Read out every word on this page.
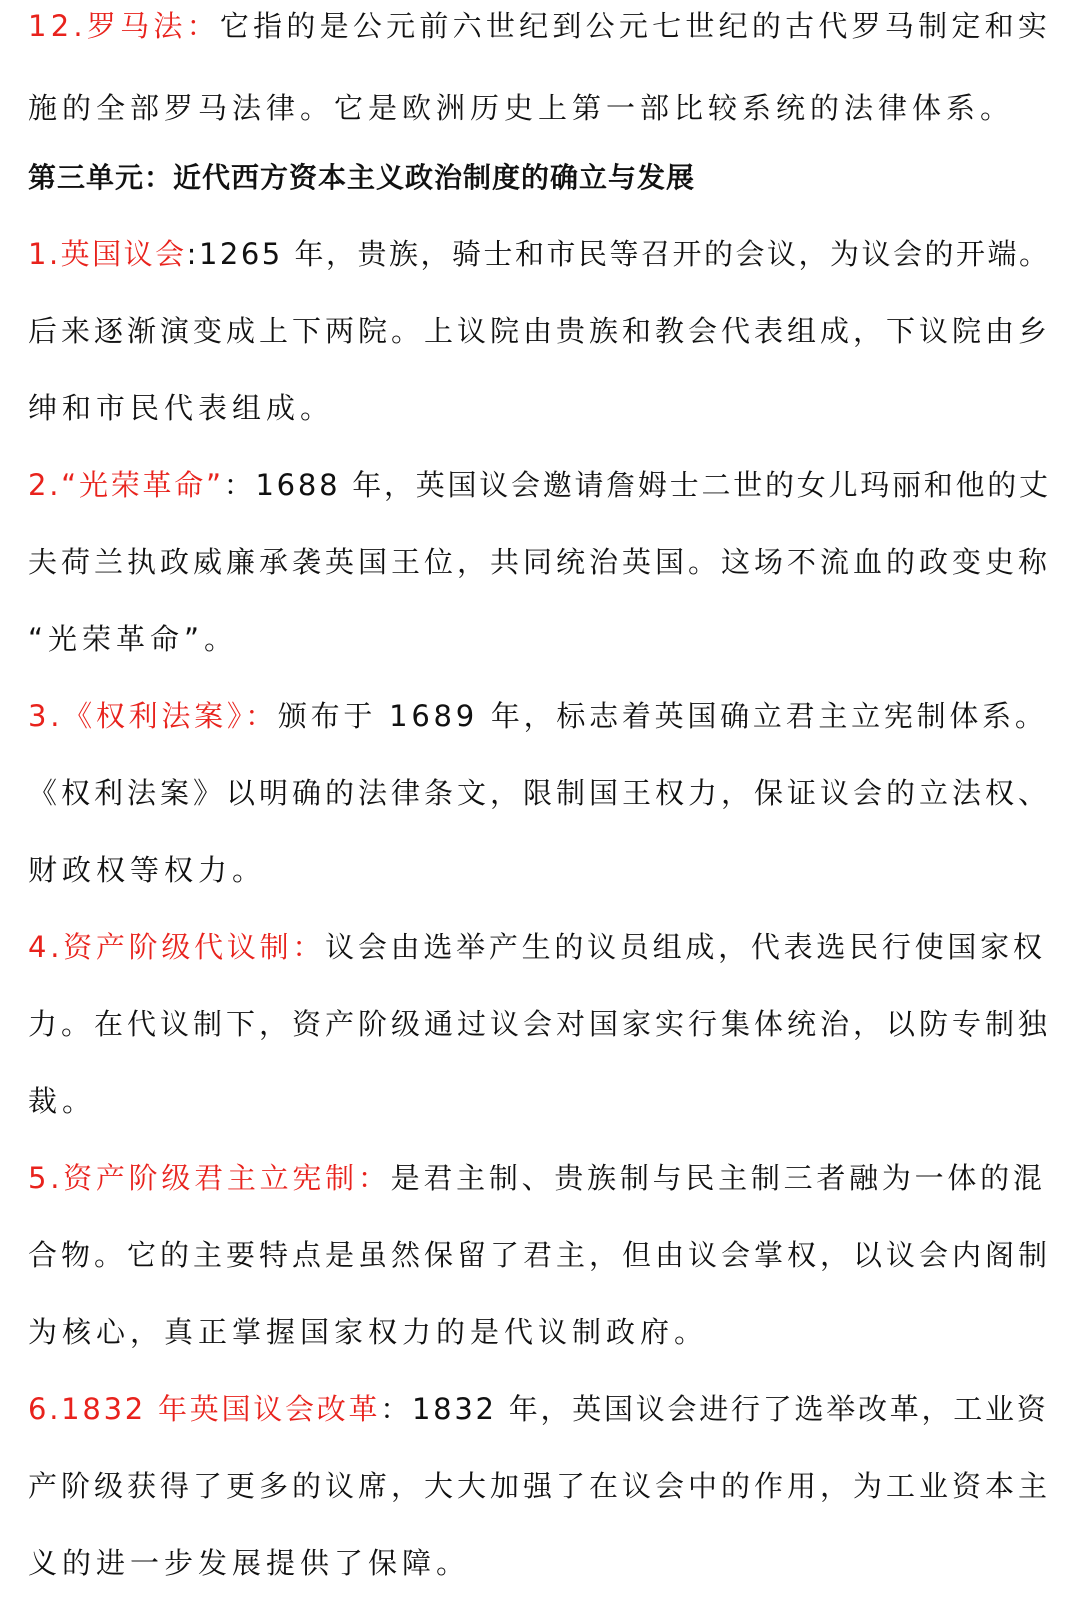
12.罗马法：它指的是公元前六世纪到公元七世纪的古代罗马制定和实
施的全部罗马法律。它是欧洲历史上第一部比较系统的法律体系。
第三单元：近代西方资本主义政治制度的确立与发展
1.英国议会:1265 年，贵族，骑士和市民等召开的会议，为议会的开端。
后来逐渐演变成上下两院。上议院由贵族和教会代表组成，下议院由乡
绅和市民代表组成。
2.“光荣革命”：1688 年，英国议会邀请詹姆士二世的女儿玛丽和他的丈
夫荷兰执政威廉承袭英国王位，共同统治英国。这场不流血的政变史称
“光荣革命”。
3.《权利法案》：颁布于 1689 年，标志着英国确立君主立宪制体系。
《权利法案》以明确的法律条文，限制国王权力，保证议会的立法权、
财政权等权力。
4.资产阶级代议制：议会由选举产生的议员组成，代表选民行使国家权
力。在代议制下，资产阶级通过议会对国家实行集体统治，以防专制独
裁。
5.资产阶级君主立宪制：是君主制、贵族制与民主制三者融为一体的混
合物。它的主要特点是虽然保留了君主，但由议会掌权，以议会内阁制
为核心，真正掌握国家权力的是代议制政府。
6.1832 年英国议会改革：1832 年，英国议会进行了选举改革，工业资
产阶级获得了更多的议席，大大加强了在议会中的作用，为工业资本主
义的进一步发展提供了保障。
